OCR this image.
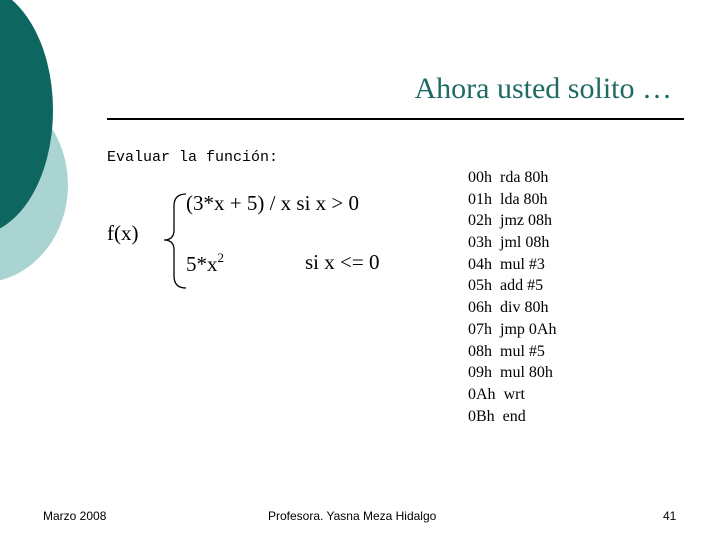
Ahora usted solito …
Evaluar la función:
f(x)
(3*x + 5) / x si x > 0
$5*x^2$	si x <= 0
00h rda 80h
01h lda 80h
02h jmz 08h
03h jml 08h
04h mul #3
05h add #5
06h div 80h
07h jmp 0Ah
08h mul #5
09h mul 80h
0Ah wrt
0Bh end
Marzo 2008	Profesora. Yasna Meza Hidalgo	41
